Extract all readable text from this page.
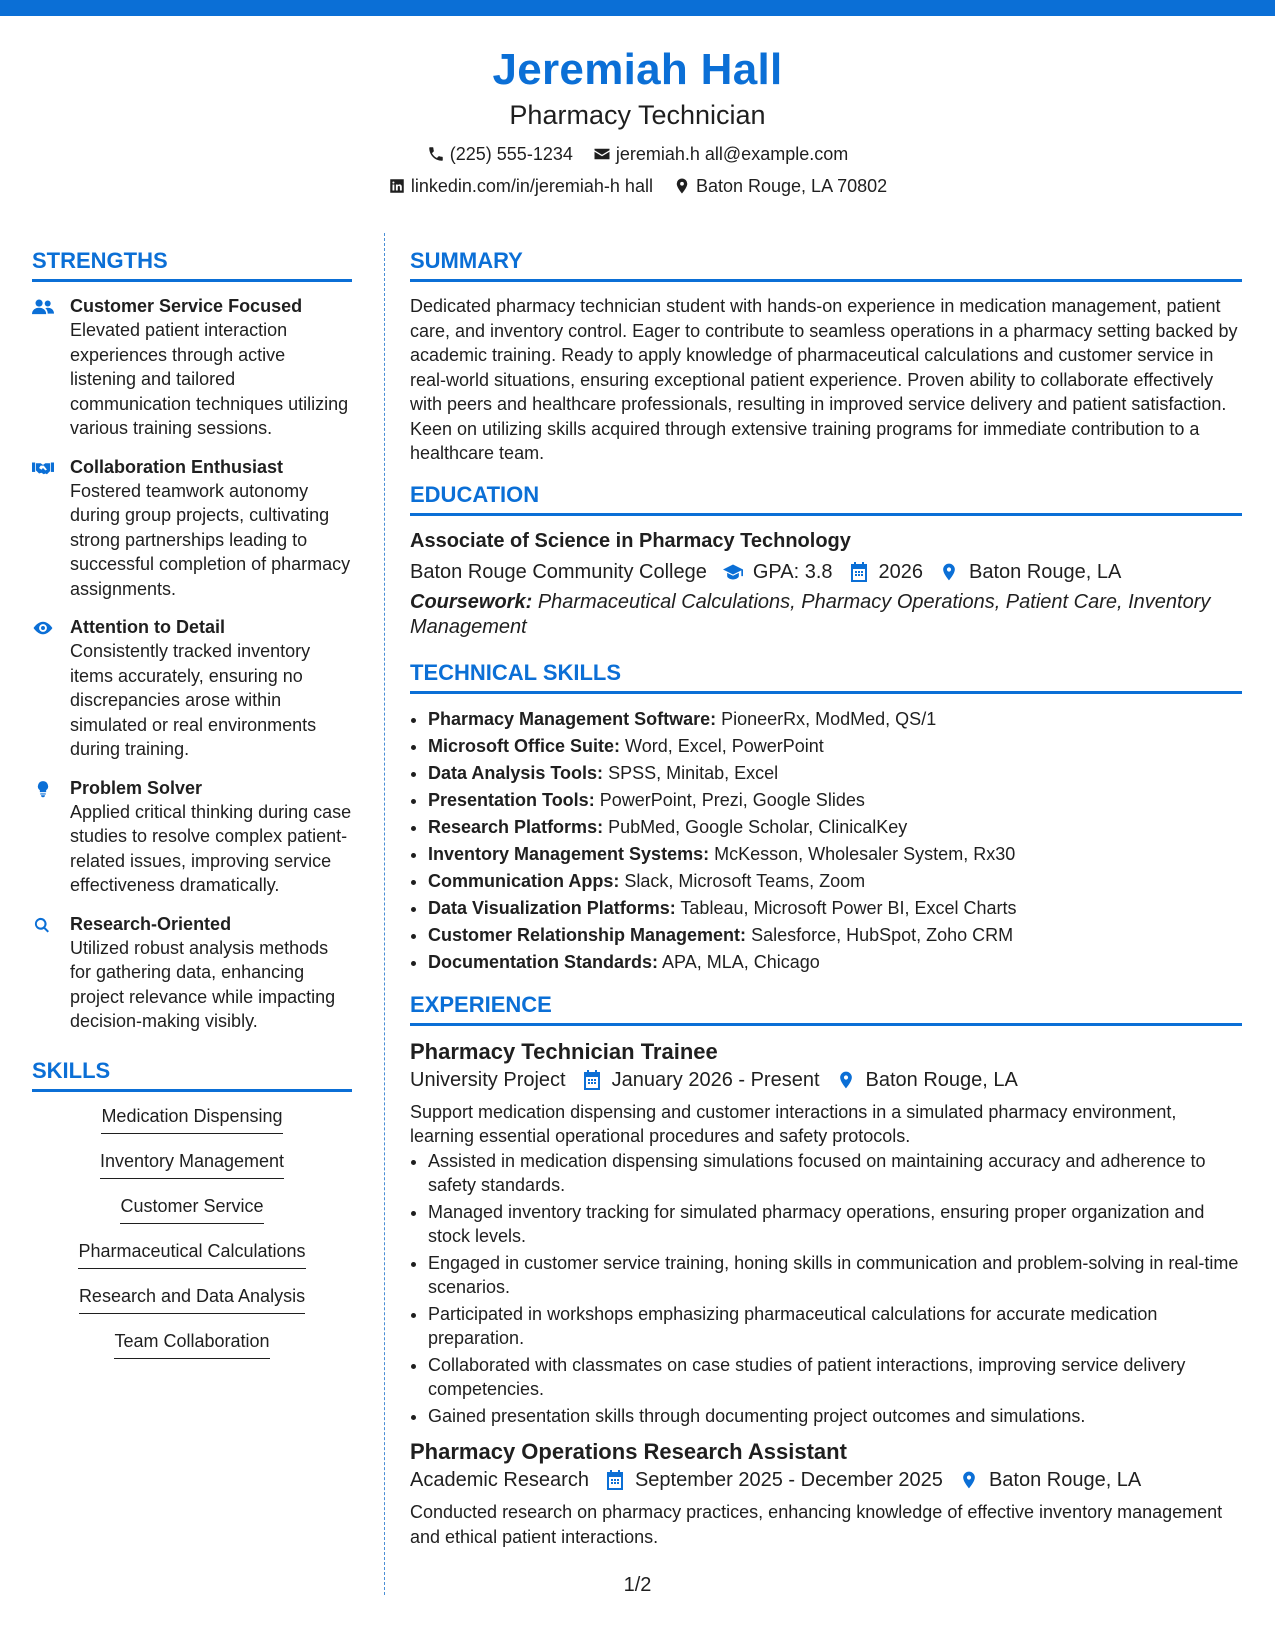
Jeremiah Hall
Pharmacy Technician
(225) 555-1234 jeremiah.h all@example.com
linkedin.com/in/jeremiah-h hall Baton Rouge, LA 70802
STRENGTHS
Customer Service Focused
Elevated patient interaction experiences through active listening and tailored communication techniques utilizing various training sessions.
Collaboration Enthusiast
Fostered teamwork autonomy during group projects, cultivating strong partnerships leading to successful completion of pharmacy assignments.
Attention to Detail
Consistently tracked inventory items accurately, ensuring no discrepancies arose within simulated or real environments during training.
Problem Solver
Applied critical thinking during case studies to resolve complex patient-related issues, improving service effectiveness dramatically.
Research-Oriented
Utilized robust analysis methods for gathering data, enhancing project relevance while impacting decision-making visibly.
SKILLS
Medication Dispensing
Inventory Management
Customer Service
Pharmaceutical Calculations
Research and Data Analysis
Team Collaboration
SUMMARY
Dedicated pharmacy technician student with hands-on experience in medication management, patient care, and inventory control. Eager to contribute to seamless operations in a pharmacy setting backed by academic training. Ready to apply knowledge of pharmaceutical calculations and customer service in real-world situations, ensuring exceptional patient experience. Proven ability to collaborate effectively with peers and healthcare professionals, resulting in improved service delivery and patient satisfaction. Keen on utilizing skills acquired through extensive training programs for immediate contribution to a healthcare team.
EDUCATION
Associate of Science in Pharmacy Technology
Baton Rouge Community College GPA: 3.8 2026 Baton Rouge, LA
Coursework: Pharmaceutical Calculations, Pharmacy Operations, Patient Care, Inventory Management
TECHNICAL SKILLS
• Pharmacy Management Software: PioneerRx, ModMed, QS/1
• Microsoft Office Suite: Word, Excel, PowerPoint
• Data Analysis Tools: SPSS, Minitab, Excel
• Presentation Tools: PowerPoint, Prezi, Google Slides
• Research Platforms: PubMed, Google Scholar, ClinicalKey
• Inventory Management Systems: McKesson, Wholesaler System, Rx30
• Communication Apps: Slack, Microsoft Teams, Zoom
• Data Visualization Platforms: Tableau, Microsoft Power BI, Excel Charts
• Customer Relationship Management: Salesforce, HubSpot, Zoho CRM
• Documentation Standards: APA, MLA, Chicago
EXPERIENCE
Pharmacy Technician Trainee
University Project January 2026 - Present Baton Rouge, LA
Support medication dispensing and customer interactions in a simulated pharmacy environment, learning essential operational procedures and safety protocols.
• Assisted in medication dispensing simulations focused on maintaining accuracy and adherence to safety standards.
• Managed inventory tracking for simulated pharmacy operations, ensuring proper organization and stock levels.
• Engaged in customer service training, honing skills in communication and problem-solving in real-time scenarios.
• Participated in workshops emphasizing pharmaceutical calculations for accurate medication preparation.
• Collaborated with classmates on case studies of patient interactions, improving service delivery competencies.
• Gained presentation skills through documenting project outcomes and simulations.
Pharmacy Operations Research Assistant
Academic Research September 2025 - December 2025 Baton Rouge, LA
Conducted research on pharmacy practices, enhancing knowledge of effective inventory management and ethical patient interactions.
1/2
